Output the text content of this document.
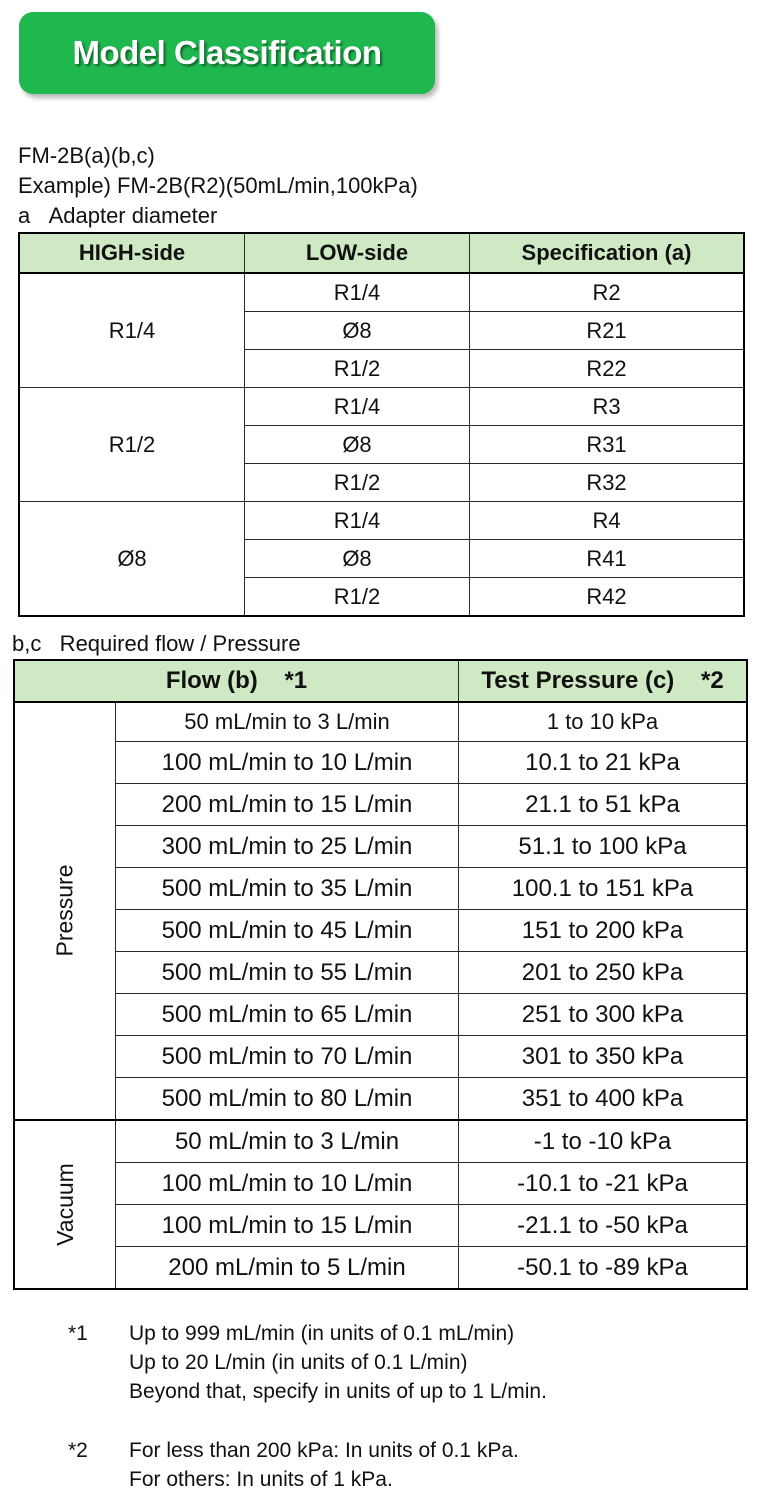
Model Classification
FM-2B(a)(b,c)
Example) FM-2B(R2)(50mL/min,100kPa)
a   Adapter diameter
HIGH-side	LOW-side	Specification (a)
R1/4	R1/4	R2
	Ø8	R21
	R1/2	R22
R1/2	R1/4	R3
	Ø8	R31
	R1/2	R32
Ø8	R1/4	R4
	Ø8	R41
	R1/2	R42
b,c   Required flow / Pressure
Flow (b)    *1		Test Pressure (c)    *2
Pressure	50 mL/min to 3 L/min	1 to 10 kPa
	100 mL/min to 10 L/min	10.1 to 21 kPa
	200 mL/min to 15 L/min	21.1 to 51 kPa
	300 mL/min to 25 L/min	51.1 to 100 kPa
	500 mL/min to 35 L/min	100.1 to 151 kPa
	500 mL/min to 45 L/min	151 to 200 kPa
	500 mL/min to 55 L/min	201 to 250 kPa
	500 mL/min to 65 L/min	251 to 300 kPa
	500 mL/min to 70 L/min	301 to 350 kPa
	500 mL/min to 80 L/min	351 to 400 kPa
Vacuum	50 mL/min to 3 L/min	-1 to -10 kPa
	100 mL/min to 10 L/min	-10.1 to -21 kPa
	100 mL/min to 15 L/min	-21.1 to -50 kPa
	200 mL/min to 5 L/min	-50.1 to -89 kPa
*1 Up to 999 mL/min (in units of 0.1 mL/min)
Up to 20 L/min (in units of 0.1 L/min)
Beyond that, specify in units of up to 1 L/min.
*2 For less than 200 kPa: In units of 0.1 kPa.
For others: In units of 1 kPa.
